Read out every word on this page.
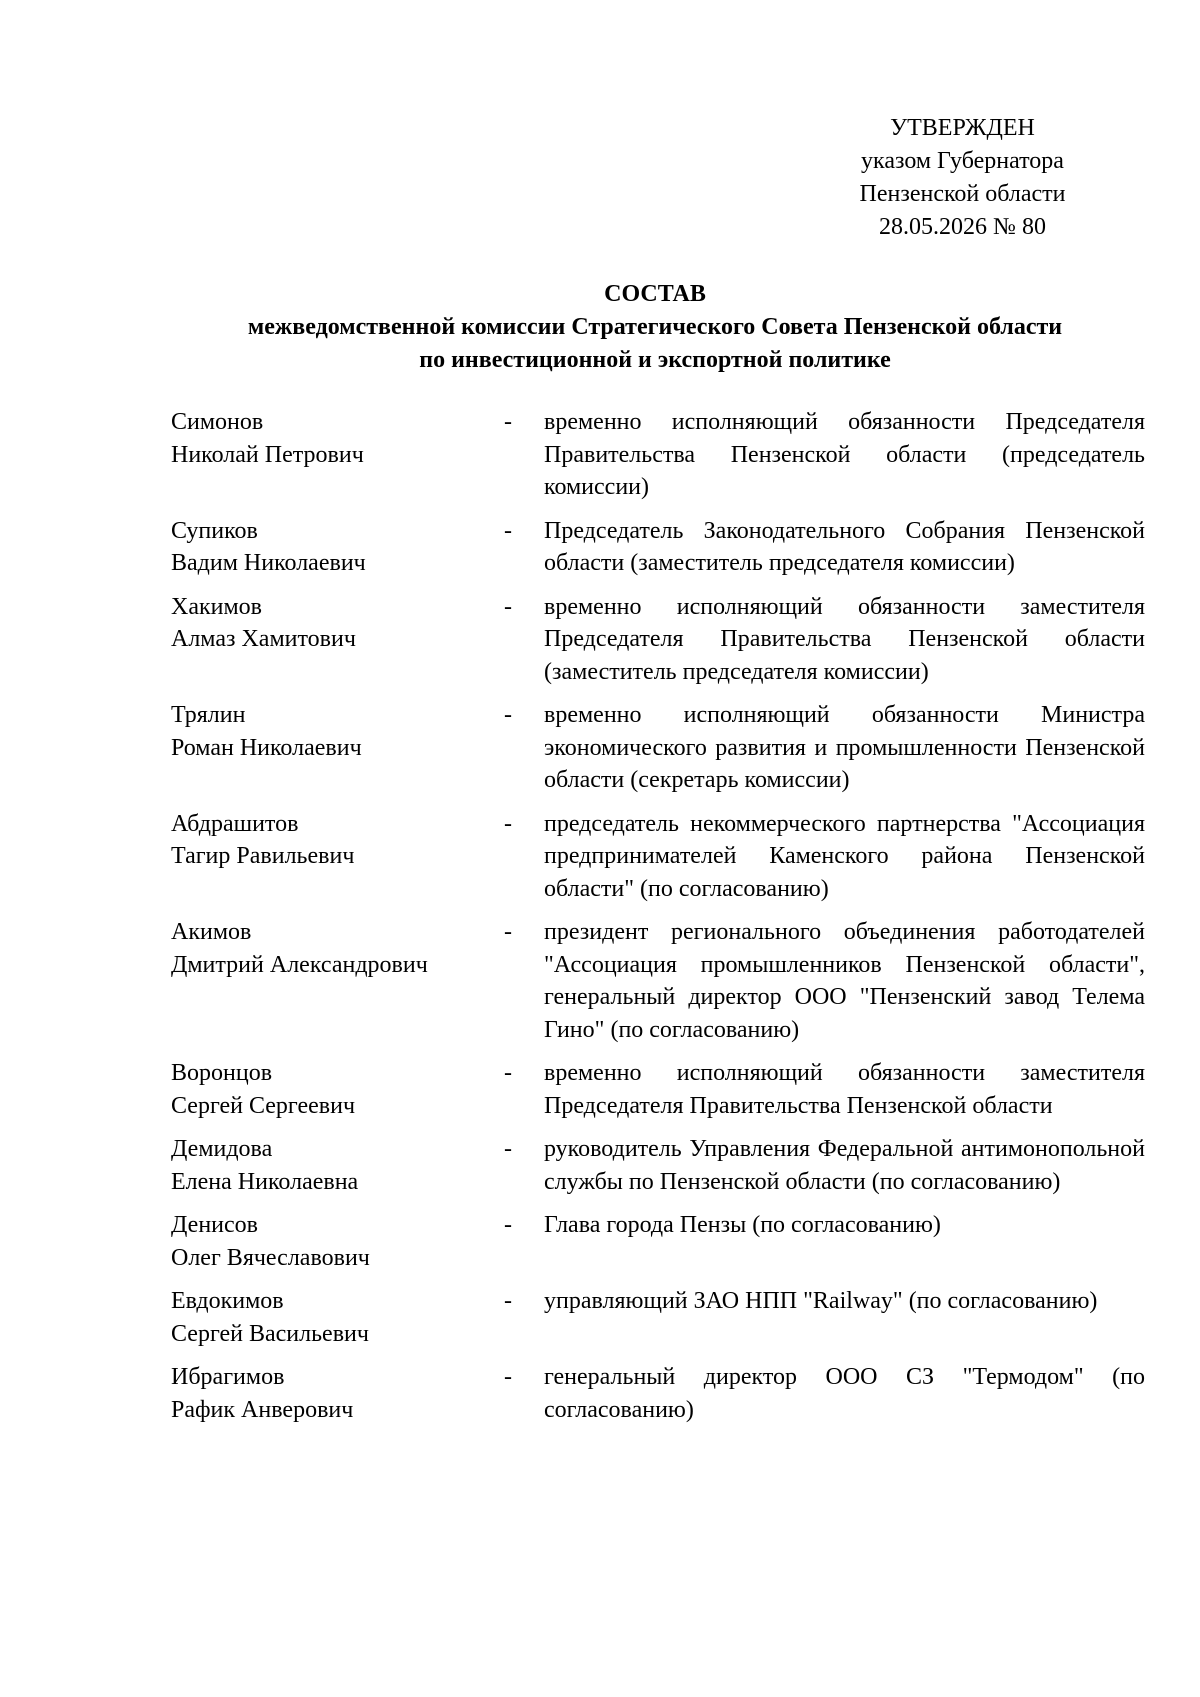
УТВЕРЖДЕН
указом Губернатора
Пензенской области
28.05.2026 № 80
СОСТАВ
межведомственной комиссии Стратегического Совета Пензенской области
по инвестиционной и экспортной политике
Симонов
Николай Петрович
-	временно исполняющий обязанности Председателя Правительства Пензенской области (председатель комиссии)
Супиков
Вадим Николаевич
-	Председатель Законодательного Собрания Пензенской области (заместитель председателя комиссии)
Хакимов
Алмаз Хамитович
-	временно исполняющий обязанности заместителя Председателя Правительства Пензенской области (заместитель председателя комиссии)
Трялин
Роман Николаевич
-	временно исполняющий обязанности Министра экономического развития и промышленности Пензенской области (секретарь комиссии)
Абдрашитов
Тагир Равильевич
-	председатель некоммерческого партнерства "Ассоциация предпринимателей Каменского района Пензенской области" (по согласованию)
Акимов
Дмитрий Александрович
-	президент регионального объединения работодателей "Ассоциация промышленников Пензенской области", генеральный директор ООО "Пензенский завод Телема Гино" (по согласованию)
Воронцов
Сергей Сергеевич
-	временно исполняющий обязанности заместителя Председателя Правительства Пензенской области
Демидова
Елена Николаевна
-	руководитель Управления Федеральной антимонопольной службы по Пензенской области (по согласованию)
Денисов
Олег Вячеславович
-	Глава города Пензы (по согласованию)
Евдокимов
Сергей Васильевич
-	управляющий ЗАО НПП "Railway" (по согласованию)
Ибрагимов
Рафик Анверович
-	генеральный директор ООО СЗ "Термодом" (по согласованию)
